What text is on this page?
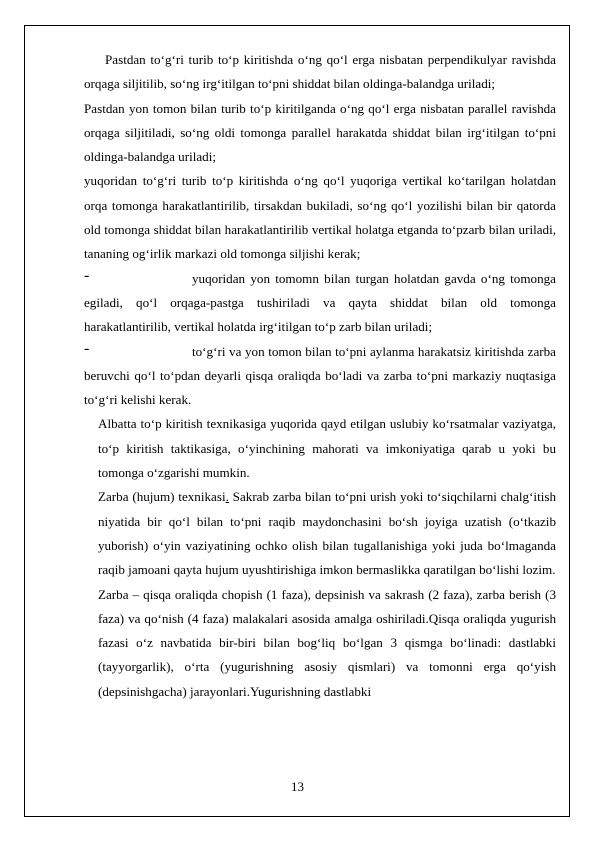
Pastdan to‘g‘ri turib to‘p kiritishda o‘ng qo‘l erga nisbatan perpendikulyar ravishda orqaga siljitilib, so‘ng irg‘itilgan to‘pni shiddat bilan oldinga-balandga uriladi;

Pastdan yon tomon bilan turib to‘p kiritilganda o‘ng qo‘l erga nisbatan parallel ravishda orqaga siljitiladi, so‘ng oldi tomonga parallel harakatda shiddat bilan irg‘itilgan to‘pni oldinga-balandga uriladi;

yuqoridan to‘g‘ri turib to‘p kiritishda o‘ng qo‘l yuqoriga vertikal ko‘tarilgan holatdan orqa tomonga harakatlantirilib, tirsakdan bukiladi, so‘ng qo‘l yozilishi bilan bir qatorda old tomonga shiddat bilan harakatlantirilib vertikal holatga etganda to‘pzarb bilan uriladi, tananing og‘irlik markazi old tomonga siljishi kerak;

-	yuqoridan yon tomomn bilan turgan holatdan gavda o‘ng tomonga egiladi, qo‘l orqaga-pastga tushiriladi va qayta shiddat bilan old tomonga harakatlantirilib, vertikal holatda irg‘itilgan to‘p zarb bilan uriladi;

-	to‘g‘ri va yon tomon bilan to‘pni aylanma harakatsiz kiritishda zarba beruvchi qo‘l to‘pdan deyarli qisqa oraliqda bo‘ladi va zarba to‘pni markaziy nuqtasiga to‘g‘ri kelishi kerak.

Albatta to‘p kiritish texnikasiga yuqorida qayd etilgan uslubiy ko‘rsatmalar vaziyatga, to‘p kiritish taktikasiga, o‘yinchining mahorati va imkoniyatiga qarab u yoki bu tomonga o‘zgarishi mumkin.

Zarba (hujum) texnikasi. Sakrab zarba bilan to‘pni urish yoki to‘siqchilarni chalg‘itish niyatida bir qo‘l bilan to‘pni raqib maydonchasini bo‘sh joyiga uzatish (o‘tkazib yuborish) o‘yin vaziyatining ochko olish bilan tugallanishiga yoki juda bo‘lmaganda raqib jamoani qayta hujum uyushtirishiga imkon bermaslikka qaratilgan bo‘lishi lozim.

Zarba – qisqa oraliqda chopish (1 faza), depsinish va sakrash (2 faza), zarba berish (3 faza) va qo‘nish (4 faza) malakalari asosida amalga oshiriladi.Qisqa oraliqda yugurish fazasi o‘z navbatida bir-biri bilan bog‘liq bo‘lgan 3 qismga bo‘linadi: dastlabki (tayyorgarlik), o‘rta (yugurishning asosiy qismlari) va tomonni erga qo‘yish (depsinishgacha) jarayonlari.Yugurishning dastlabki

13
